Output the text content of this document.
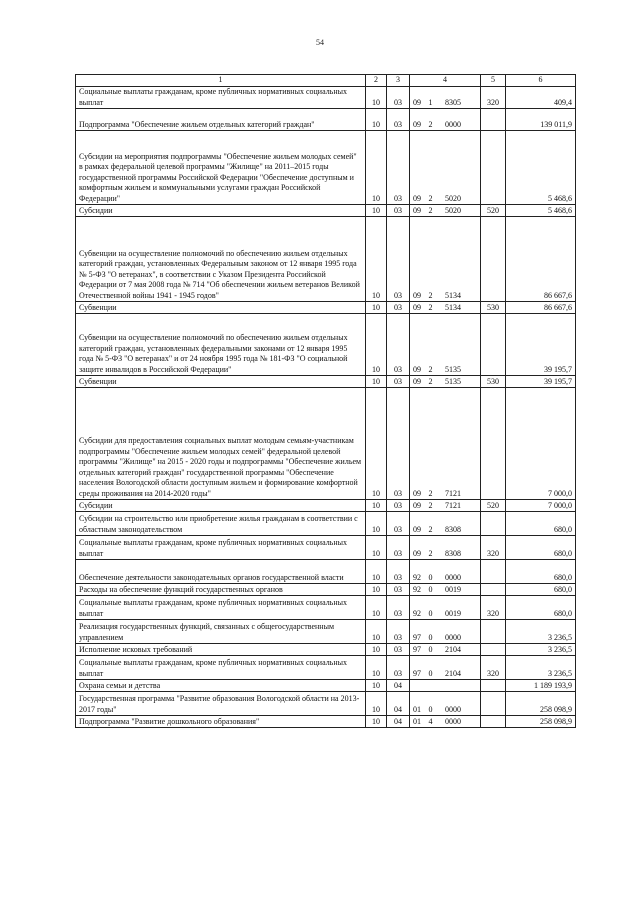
54
1	2	3	4	5	6
Социальные выплаты гражданам, кроме публичных нормативных социальных выплат	10	03	09 1 8305	320	409,4
Подпрограмма "Обеспечение жильем отдельных категорий граждан"	10	03	09 2 0000		139 011,9
Субсидии на мероприятия подпрограммы "Обеспечение жильем молодых семей" в рамках федеральной целевой программы "Жилище" на 2011–2015 годы государственной программы Российской Федерации "Обеспечение доступным и комфортным жильем и коммунальными услугами граждан Российской Федерации"	10	03	09 2 5020		5 468,6
Субсидии	10	03	09 2 5020	520	5 468,6
Субвенции на осуществление полномочий по обеспечению жильем отдельных категорий граждан, установленных Федеральным законом от 12 января 1995 года № 5-ФЗ "О ветеранах", в соответствии с Указом Президента Российской Федерации от 7 мая 2008 года № 714 "Об обеспечении жильем ветеранов Великой Отечественной войны 1941 - 1945 годов"	10	03	09 2 5134		86 667,6
Субвенции	10	03	09 2 5134	530	86 667,6
Субвенции на осуществление полномочий по обеспечению жильем отдельных категорий граждан, установленных федеральными законами от 12 января 1995 года № 5-ФЗ "О ветеранах" и от 24 ноября 1995 года № 181-ФЗ "О социальной защите инвалидов в Российской Федерации"	10	03	09 2 5135		39 195,7
Субвенции	10	03	09 2 5135	530	39 195,7
Субсидии для предоставления социальных выплат молодым семьям-участникам подпрограммы "Обеспечение жильем молодых семей" федеральной целевой программы "Жилище" на 2015 - 2020 годы и подпрограммы "Обеспечение жильем отдельных категорий граждан" государственной программы "Обеспечение населения Вологодской области доступным жильем и формирование комфортной среды проживания на 2014-2020 годы"	10	03	09 2 7121		7 000,0
Субсидии	10	03	09 2 7121	520	7 000,0
Субсидии на строительство или приобретение жилья гражданам в соответствии с областным законодательством	10	03	09 2 8308		680,0
Социальные выплаты гражданам, кроме публичных нормативных социальных выплат	10	03	09 2 8308	320	680,0
Обеспечение деятельности законодательных органов государственной власти	10	03	92 0 0000		680,0
Расходы на обеспечение функций государственных органов	10	03	92 0 0019		680,0
Социальные выплаты гражданам, кроме публичных нормативных социальных выплат	10	03	92 0 0019	320	680,0
Реализация государственных функций, связанных с общегосударственным управлением	10	03	97 0 0000		3 236,5
Исполнение исковых требований	10	03	97 0 2104		3 236,5
Социальные выплаты гражданам, кроме публичных нормативных социальных выплат	10	03	97 0 2104	320	3 236,5
Охрана семьи и детства	10	04			1 189 193,9
Государственная программа "Развитие образования Вологодской области на 2013-2017 годы"	10	04	01 0 0000		258 098,9
Подпрограмма "Развитие дошкольного образования"	10	04	01 4 0000		258 098,9
